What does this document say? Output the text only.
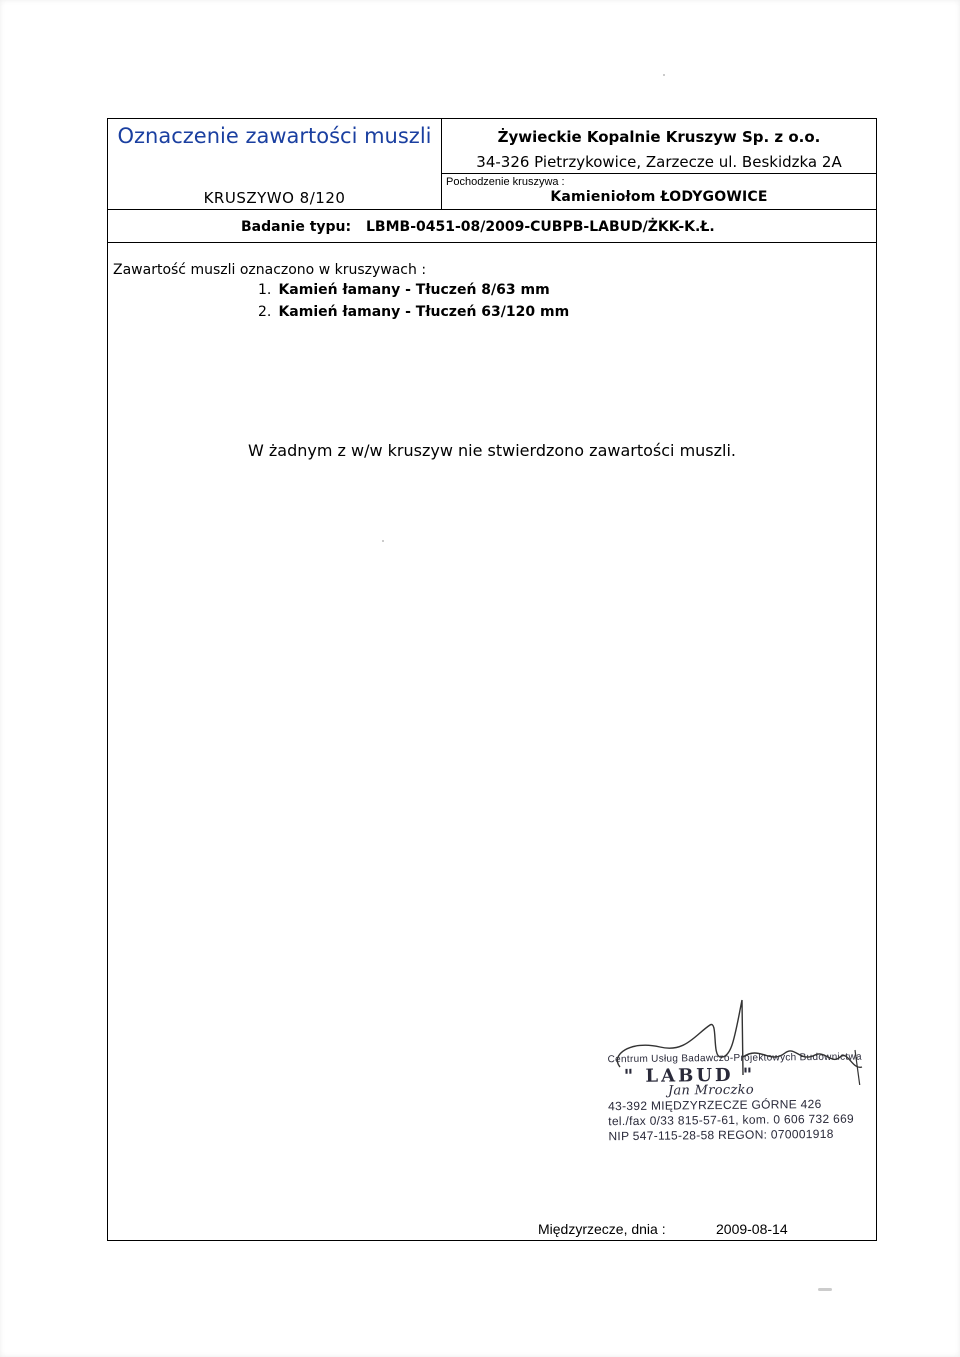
Oznaczenie zawartości muszli
KRUSZYWO 8/120
Żywieckie Kopalnie Kruszyw Sp. z o.o.
34-326 Pietrzykowice, Zarzecze ul. Beskidzka 2A
Pochodzenie kruszywa :
Kamieniołom ŁODYGOWICE
Badanie typu: LBMB-0451-08/2009-CUBPB-LABUD/ŻKK-K.Ł.
Zawartość muszli oznaczono w kruszywach :
1. Kamień łamany - Tłuczeń 8/63 mm
2. Kamień łamany - Tłuczeń 63/120 mm
W żadnym z w/w kruszyw nie stwierdzono zawartości muszli.
Międzyrzecze, dnia :	2009-08-14
Centrum Usług Badawczo-Projektowych Budownictwa
" LABUD "
Jan Mroczko
43-392 MIĘDZYRZECZE GÓRNE 426
tel./fax 0/33 815-57-61, kom. 0 606 732 669
NIP 547-115-28-58 REGON: 070001918
